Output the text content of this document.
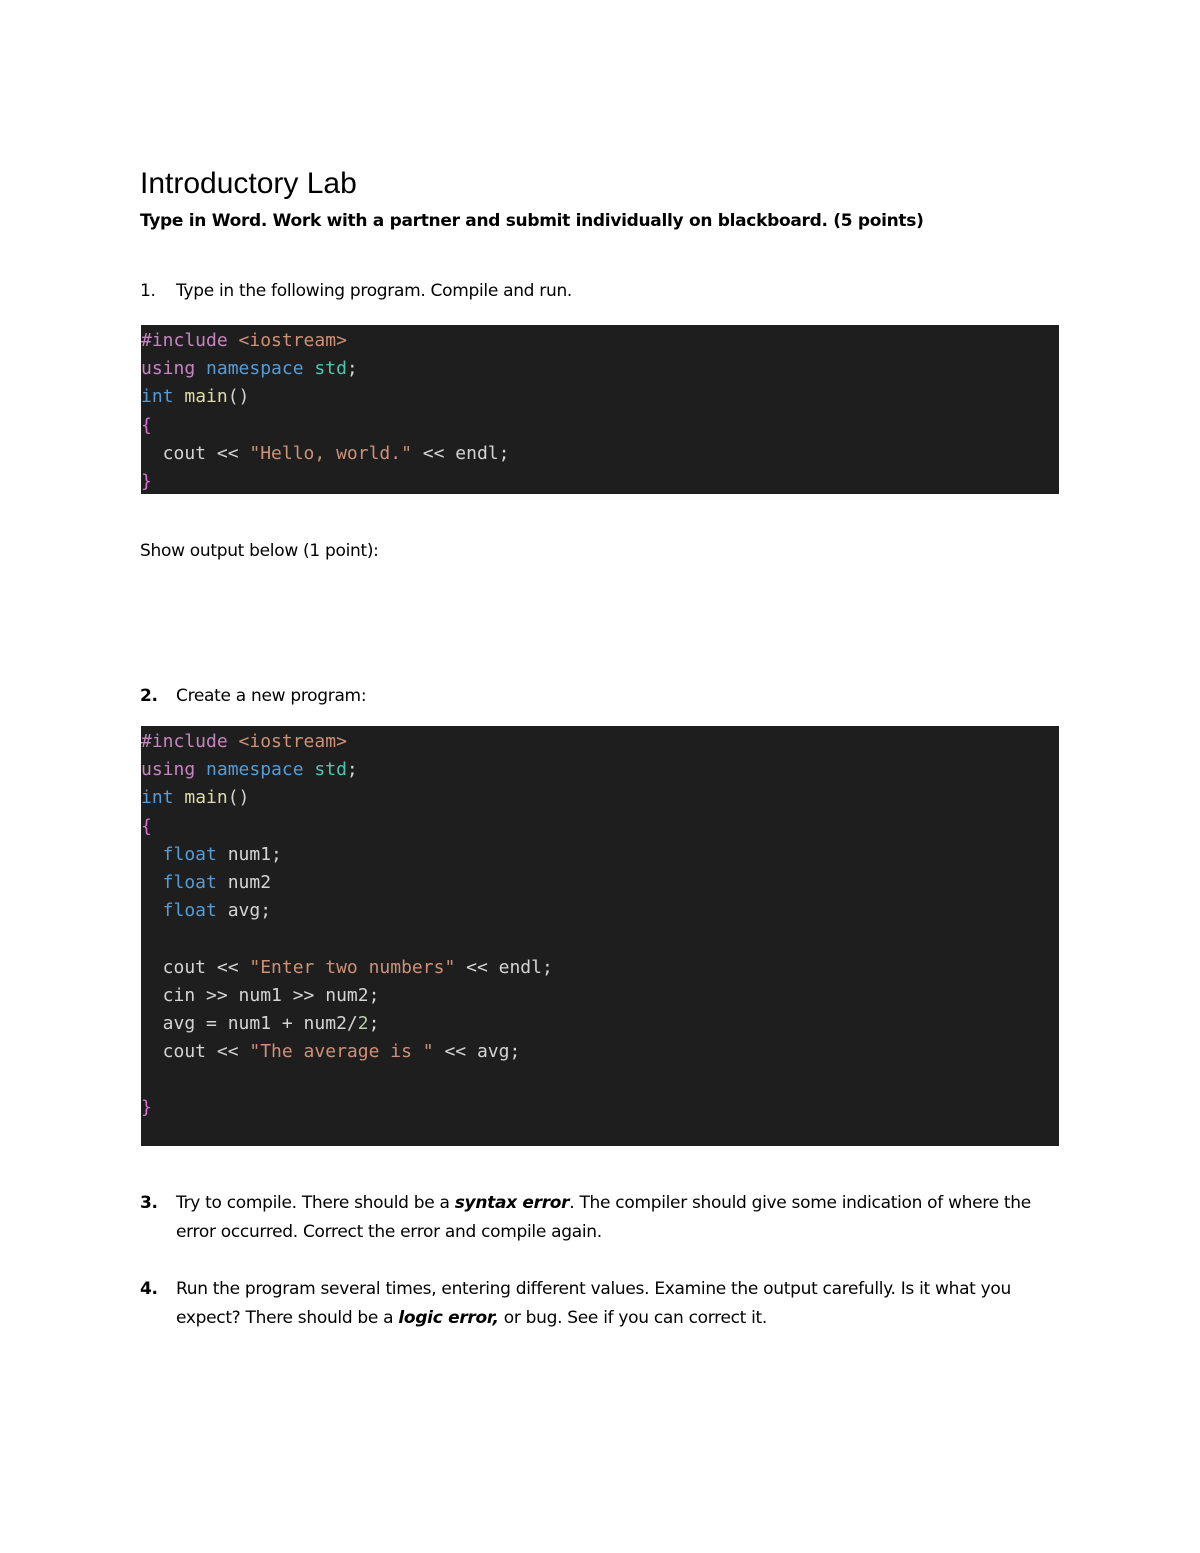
Introductory Lab

Type in Word. Work with a partner and submit individually on blackboard. (5 points)

1.	Type in the following program. Compile and run.
#include <iostream>
using namespace std;
int main()
{
cout << "Hello, world." << endl;
}
Show output below (1 point):
2.	Create a new program:
#include <iostream>
using namespace std;
int main()
{
float num1;
float num2
float avg;
cout << "Enter two numbers" << endl;
cin >> num1 >> num2;
avg = num1 + num2/2;
cout << "The average is " << avg;
}
3.	Try to compile. There should be a syntax error. The compiler should give some indication of where the error occurred. Correct the error and compile again.
4.	Run the program several times, entering different values. Examine the output carefully. Is it what you expect? There should be a logic error, or bug. See if you can correct it.
